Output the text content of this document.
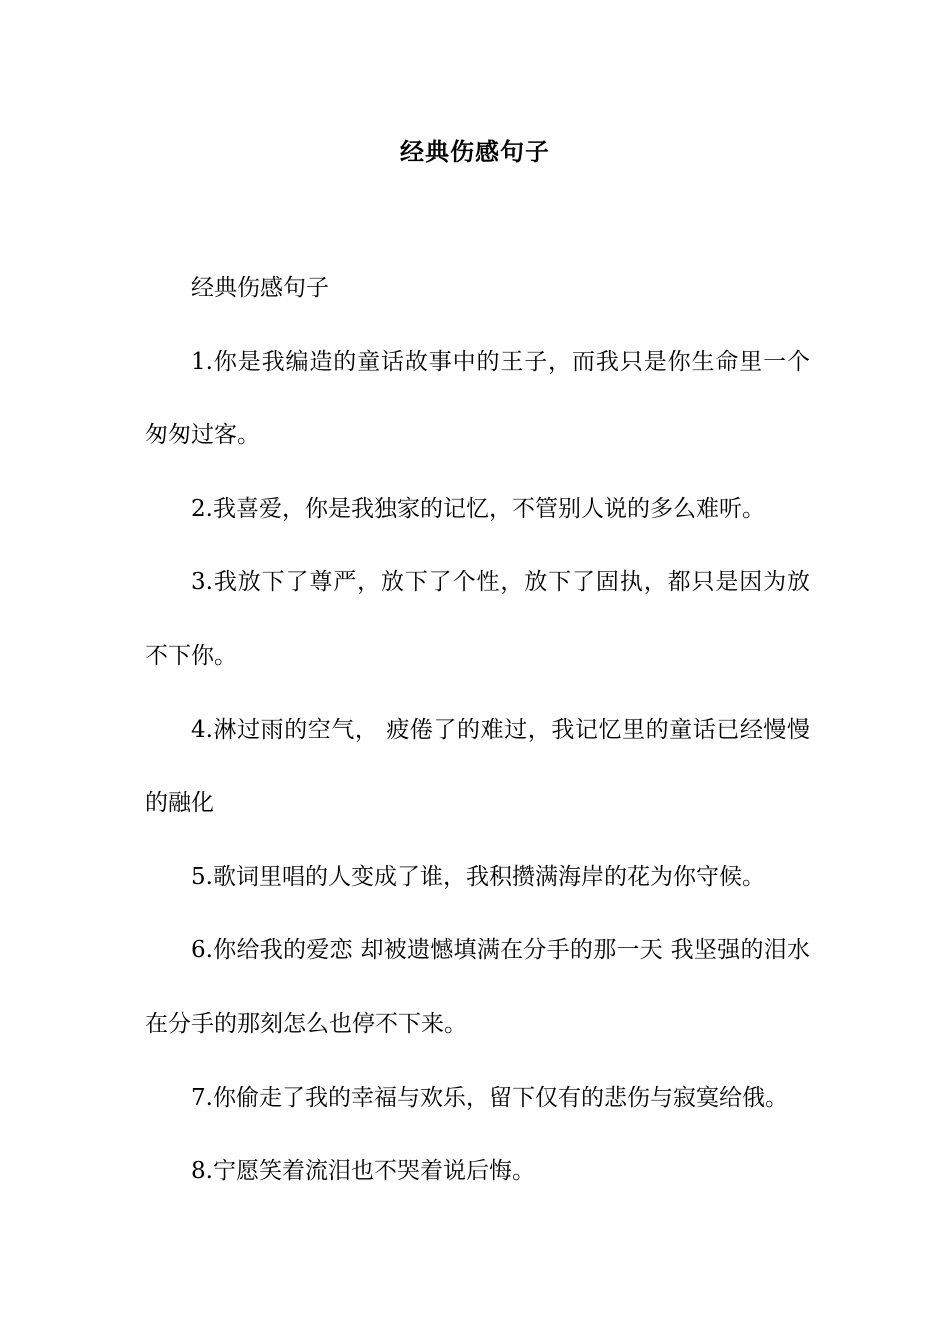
经典伤感句子

经典伤感句子

1.你是我编造的童话故事中的王子，而我只是你生命里一个匆匆过客。

2.我喜爱，你是我独家的记忆，不管别人说的多么难听。

3.我放下了尊严，放下了个性，放下了固执，都只是因为放不下你。

4.淋过雨的空气， 疲倦了的难过，我记忆里的童话已经慢慢的融化

5.歌词里唱的人变成了谁，我积攒满海岸的花为你守候。

6.你给我的爱恋 却被遗憾填满在分手的那一天 我坚强的泪水 在分手的那刻怎么也停不下来。

7.你偷走了我的幸福与欢乐，留下仅有的悲伤与寂寞给俄。

8.宁愿笑着流泪也不哭着说后悔。
